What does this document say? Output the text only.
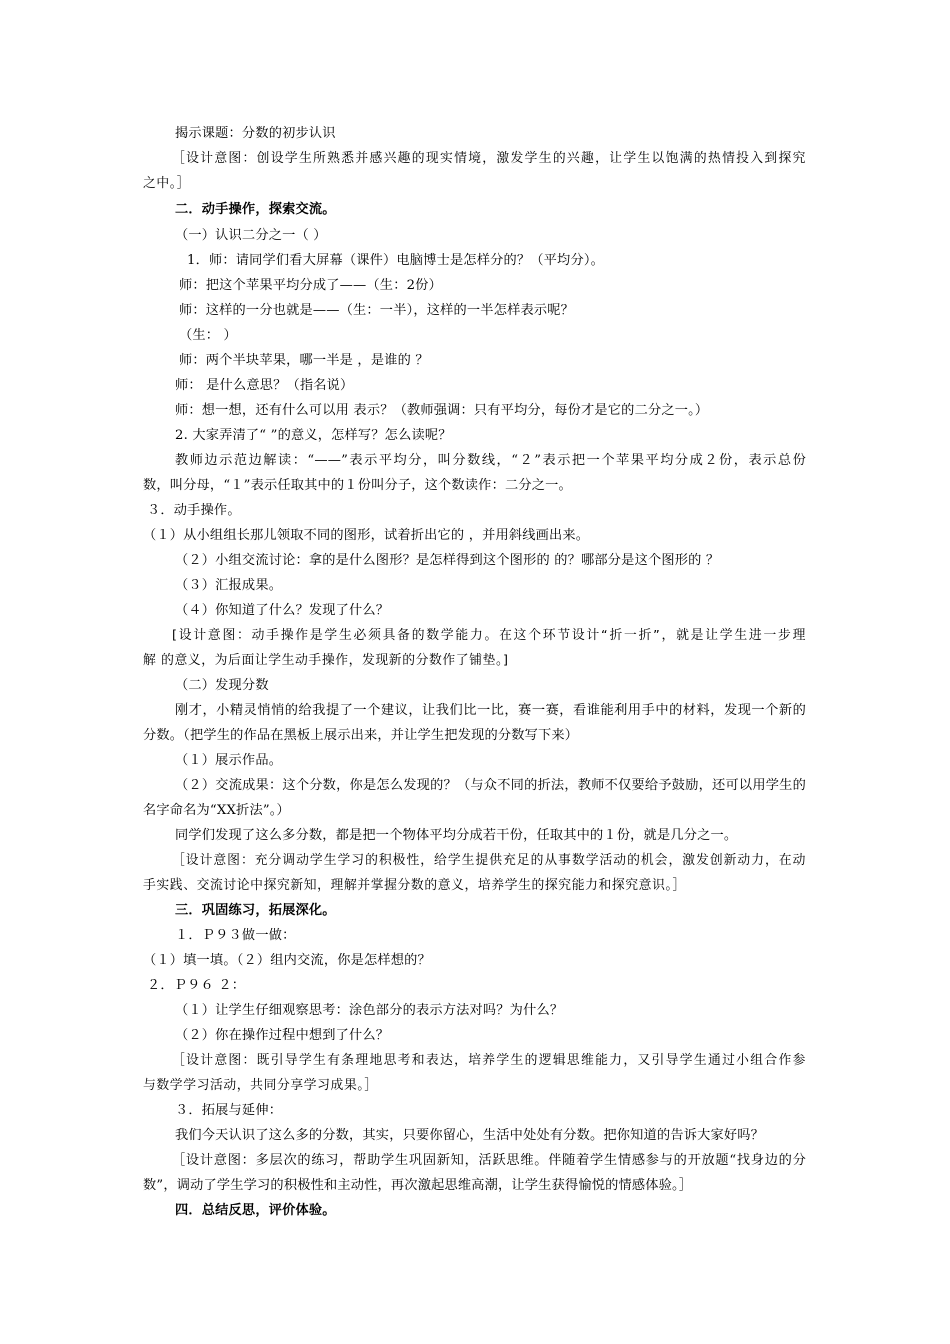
揭示课题：分数的初步认识
［设计意图：创设学生所熟悉并感兴趣的现实情境，激发学生的兴趣，让学生以饱满的热情投入到探究
之中。］
二．动手操作，探索交流。
（一）认识二分之一（ ）
1．师：请同学们看大屏幕（课件）电脑博士是怎样分的？（平均分）。
师：把这个苹果平均分成了——（生：2份）
师：这样的一分也就是——（生：一半），这样的一半怎样表示呢？
（生： ）
师：两个半块苹果，哪一半是 ，是谁的 ？
师： 是什么意思？（指名说）
师：想一想，还有什么可以用 表示？（教师强调：只有平均分，每份才是它的二分之一。）
2. 大家弄清了“ ”的意义，怎样写？怎么读呢？
教师边示范边解读：“——”表示平均分，叫分数线，“２”表示把一个苹果平均分成２份，表示总份
数，叫分母，“１”表示任取其中的１份叫分子，这个数读作：二分之一。
３．动手操作。
（１）从小组组长那儿领取不同的图形，试着折出它的 ，并用斜线画出来。
（２）小组交流讨论：拿的是什么图形？是怎样得到这个图形的 的？哪部分是这个图形的 ？
（３）汇报成果。
（４）你知道了什么？发现了什么？
[设计意图：动手操作是学生必须具备的数学能力。在这个环节设计“折一折”，就是让学生进一步理
解 的意义，为后面让学生动手操作，发现新的分数作了铺垫。]
（二）发现分数
刚才，小精灵悄悄的给我提了一个建议，让我们比一比，赛一赛，看谁能利用手中的材料，发现一个新的
分数。（把学生的作品在黑板上展示出来，并让学生把发现的分数写下来）
（１）展示作品。
（２）交流成果：这个分数，你是怎么发现的？（与众不同的折法，教师不仅要给予鼓励，还可以用学生的
名字命名为“XX折法”。）
同学们发现了这么多分数，都是把一个物体平均分成若干份，任取其中的１份，就是几分之一。
［设计意图：充分调动学生学习的积极性，给学生提供充足的从事数学活动的机会，激发创新动力，在动
手实践、交流讨论中探究新知，理解并掌握分数的意义，培养学生的探究能力和探究意识。］
三．巩固练习，拓展深化。
１．Ｐ９３做一做：
（１）填一填。（２）组内交流，你是怎样想的？
２．Ｐ９６ ２：
（１）让学生仔细观察思考：涂色部分的表示方法对吗？为什么？
（２）你在操作过程中想到了什么？
［设计意图：既引导学生有条理地思考和表达，培养学生的逻辑思维能力，又引导学生通过小组合作参
与数学学习活动，共同分享学习成果。］
３．拓展与延伸：
我们今天认识了这么多的分数，其实，只要你留心，生活中处处有分数。把你知道的告诉大家好吗？
［设计意图：多层次的练习，帮助学生巩固新知，活跃思维。伴随着学生情感参与的开放题“找身边的分
数”，调动了学生学习的积极性和主动性，再次激起思维高潮，让学生获得愉悦的情感体验。］
四．总结反思，评价体验。
